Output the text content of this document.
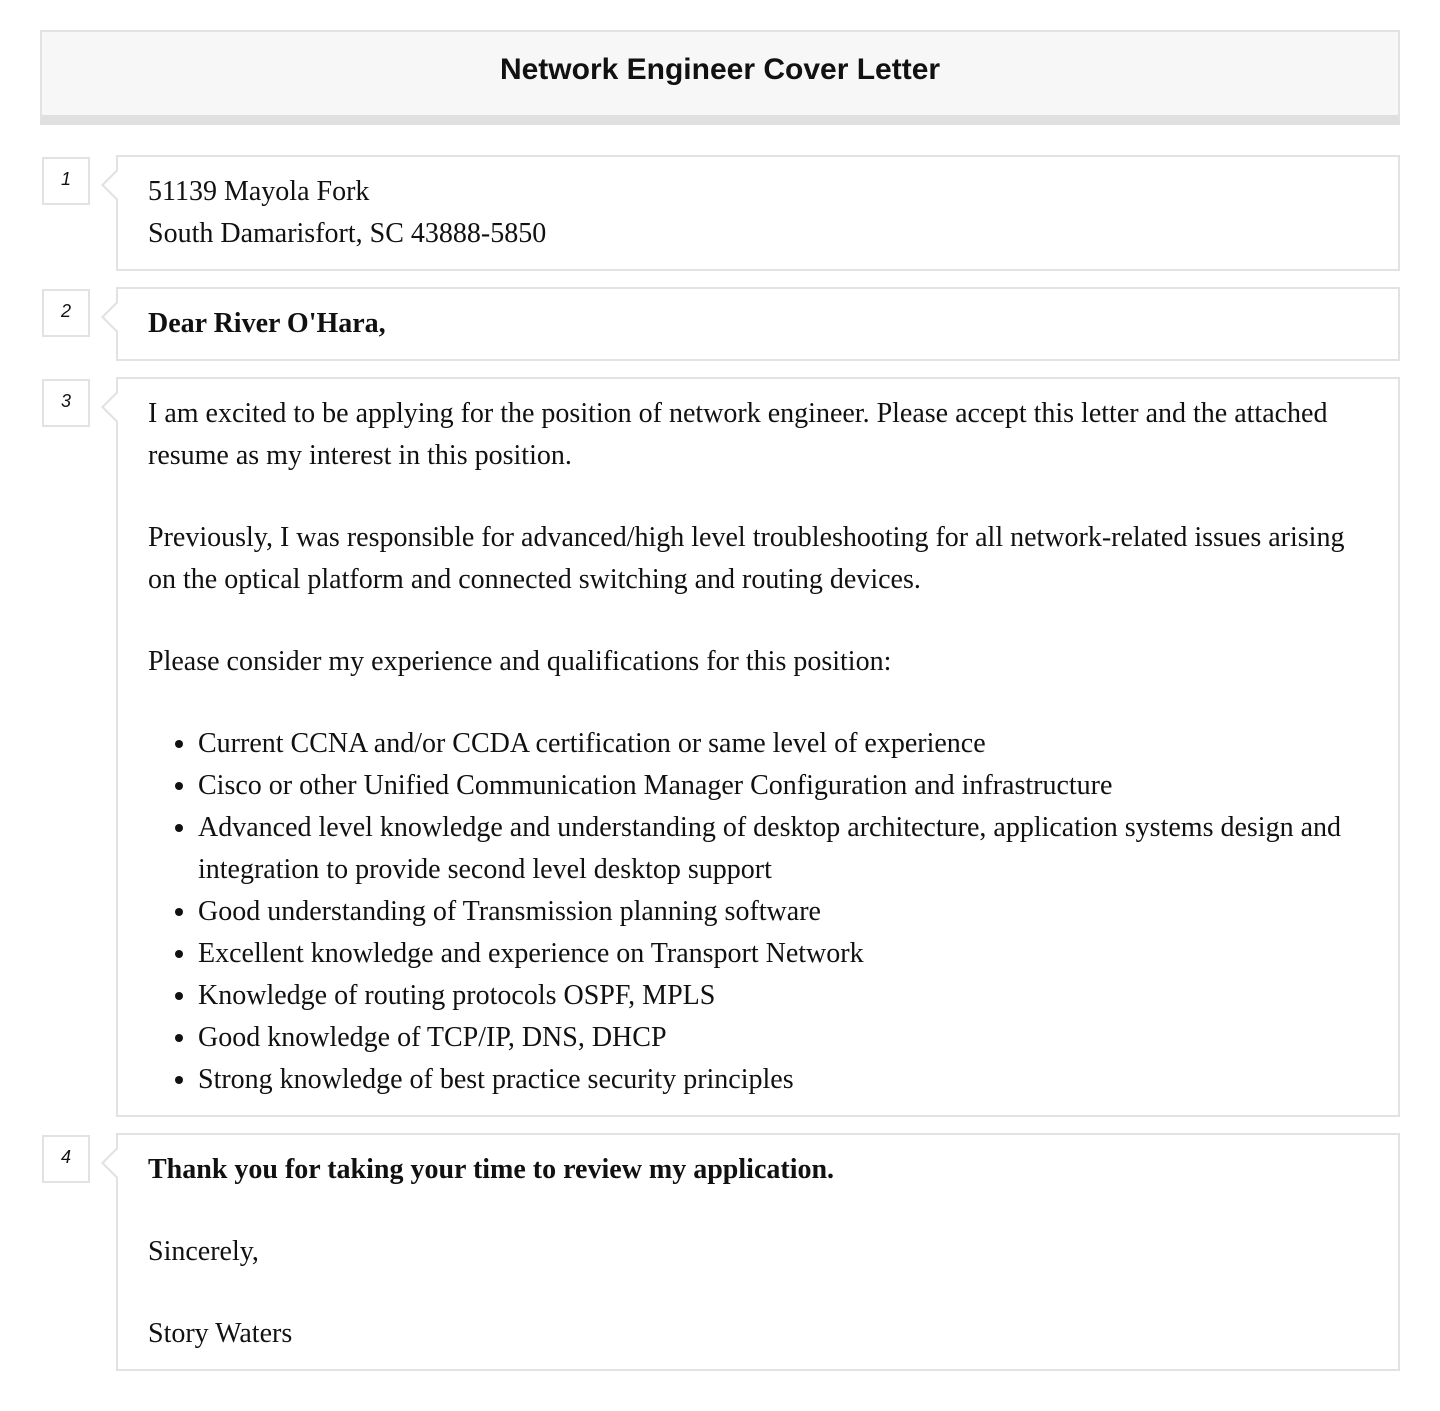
Network Engineer Cover Letter
1	51139 Mayola Fork

South Damarisfort, SC 43888-5850

2	Dear River O'Hara,

3	I am excited to be applying for the position of network engineer. Please accept this letter and the attached resume as my interest in this position.

Previously, I was responsible for advanced/high level troubleshooting for all network-related issues arising on the optical platform and connected switching and routing devices.

Please consider my experience and qualifications for this position:

• Current CCNA and/or CCDA certification or same level of experience
• Cisco or other Unified Communication Manager Configuration and infrastructure
• Advanced level knowledge and understanding of desktop architecture, application systems design and integration to provide second level desktop support
• Good understanding of Transmission planning software
• Excellent knowledge and experience on Transport Network
• Knowledge of routing protocols OSPF, MPLS
• Good knowledge of TCP/IP, DNS, DHCP
• Strong knowledge of best practice security principles
4	Thank you for taking your time to review my application.

Sincerely,

Story Waters
